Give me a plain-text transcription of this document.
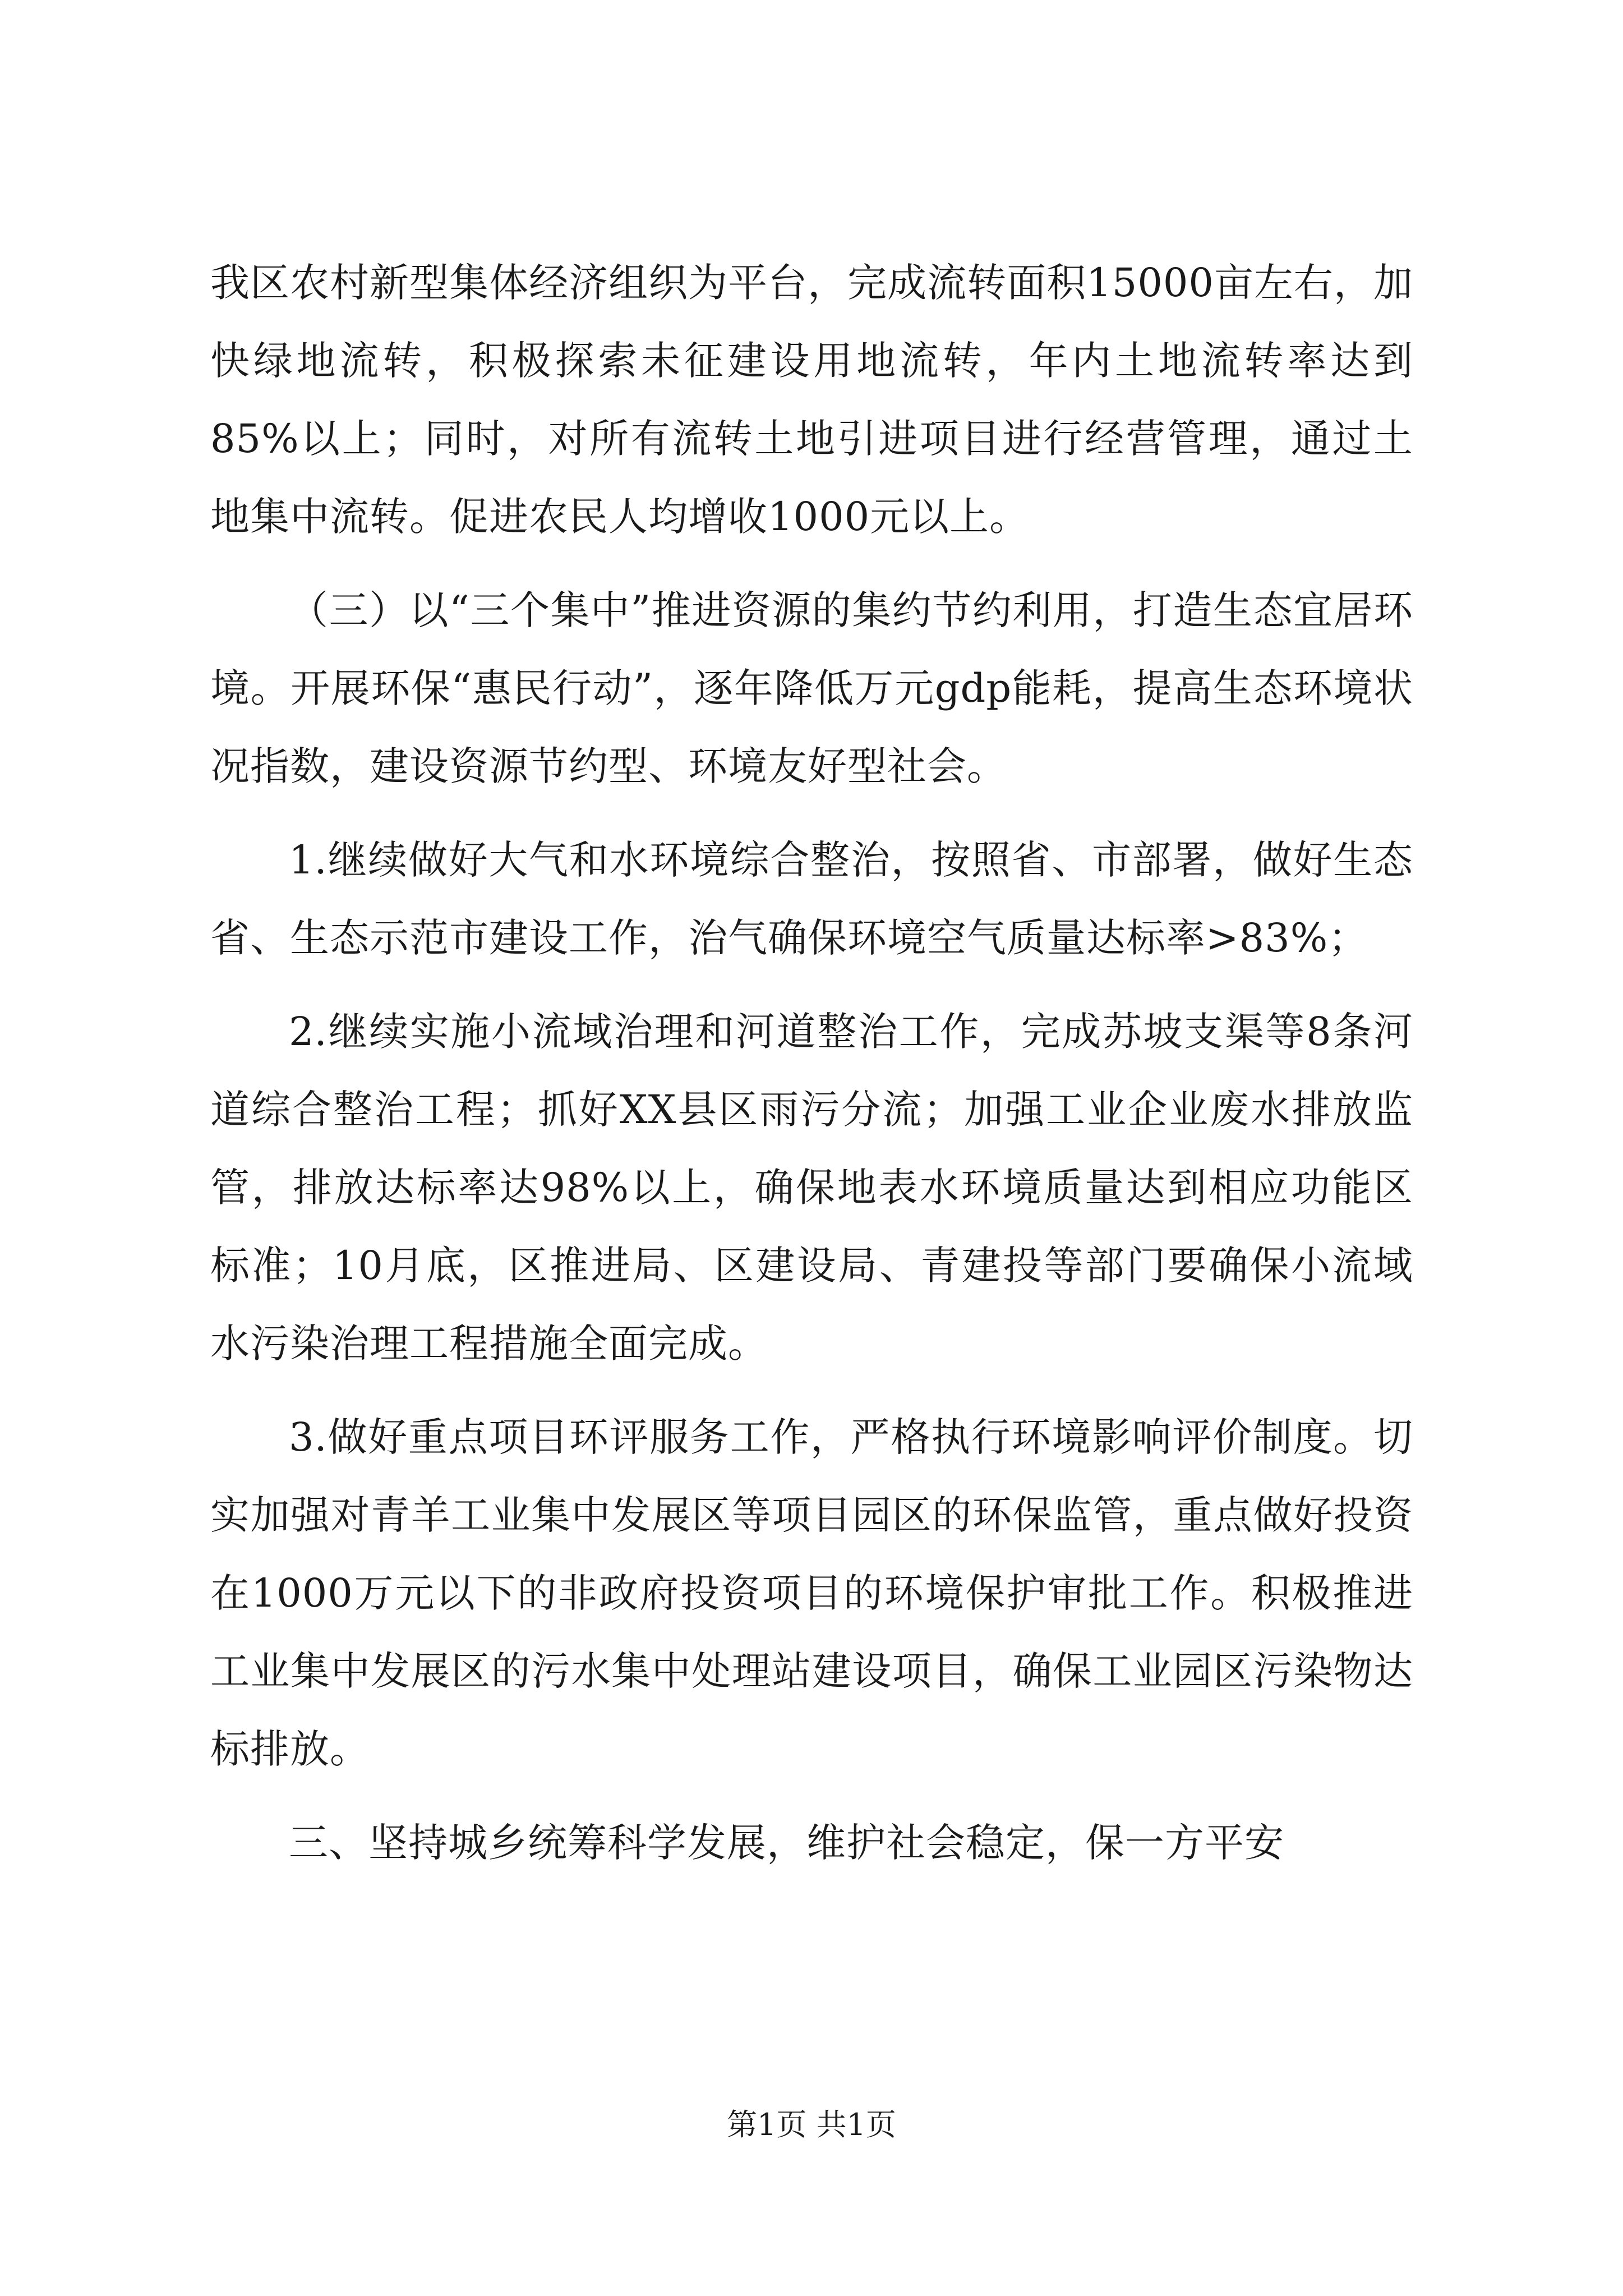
我区农村新型集体经济组织为平台，完成流转面积15000亩左右，加快绿地流转，积极探索未征建设用地流转，年内土地流转率达到85%以上；同时，对所有流转土地引进项目进行经营管理，通过土地集中流转。促进农民人均增收1000元以上。

（三）以“三个集中”推进资源的集约节约利用，打造生态宜居环境。开展环保“惠民行动”，逐年降低万元gdp能耗，提高生态环境状况指数，建设资源节约型、环境友好型社会。

1.继续做好大气和水环境综合整治，按照省、市部署，做好生态省、生态示范市建设工作，治气确保环境空气质量达标率>83%；

2.继续实施小流域治理和河道整治工作，完成苏坡支渠等8条河道综合整治工程；抓好XX县区雨污分流；加强工业企业废水排放监管，排放达标率达98%以上，确保地表水环境质量达到相应功能区标准；10月底，区推进局、区建设局、青建投等部门要确保小流域水污染治理工程措施全面完成。

3.做好重点项目环评服务工作，严格执行环境影响评价制度。切实加强对青羊工业集中发展区等项目园区的环保监管，重点做好投资在1000万元以下的非政府投资项目的环境保护审批工作。积极推进工业集中发展区的污水集中处理站建设项目，确保工业园区污染物达标排放。

三、坚持城乡统筹科学发展，维护社会稳定，保一方平安

第1页 共1页
